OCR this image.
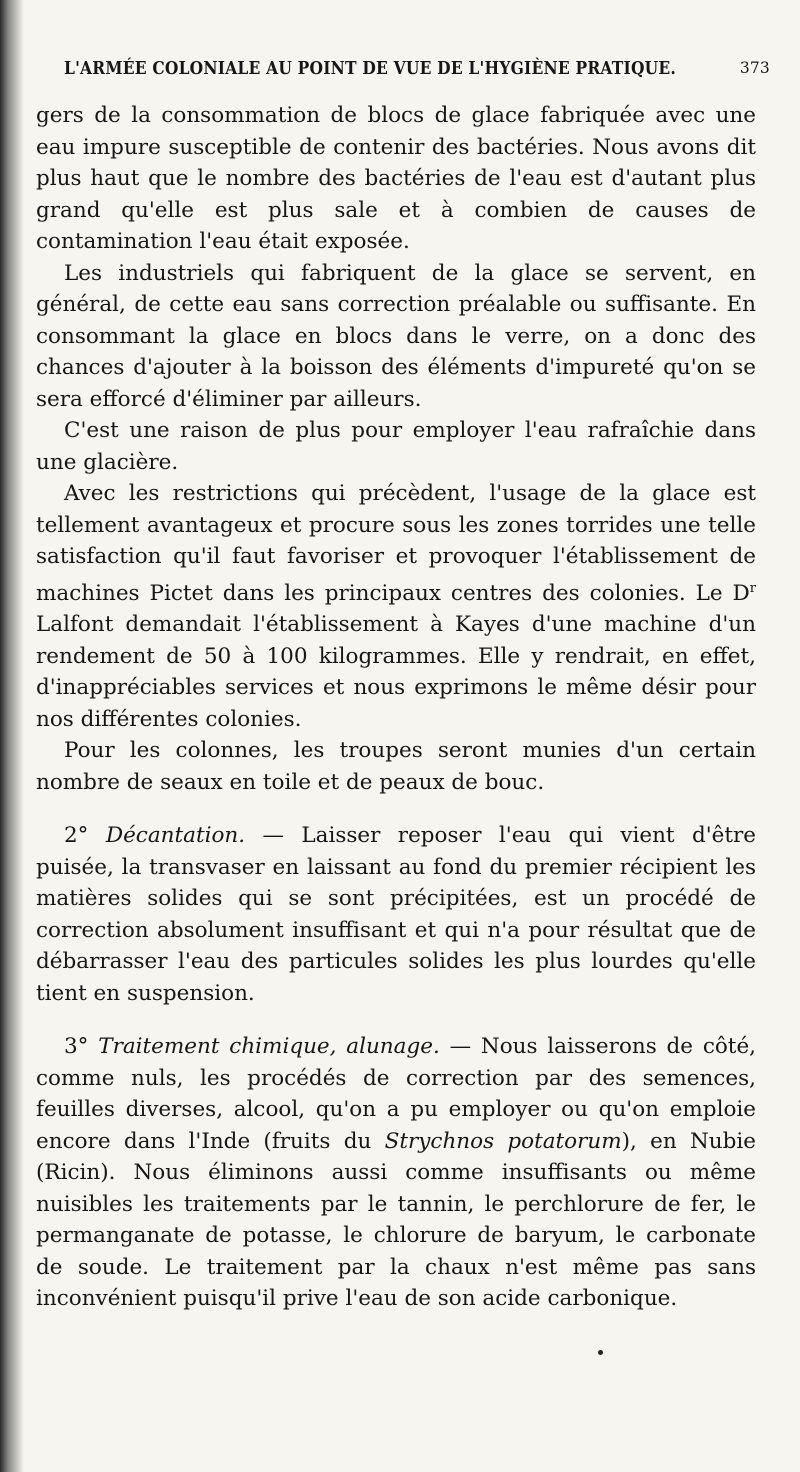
L'ARMÉE COLONIALE AU POINT DE VUE DE L'HYGIÈNE PRATIQUE.	373

gers de la consommation de blocs de glace fabriquée avec une eau impure susceptible de contenir des bactéries. Nous avons dit plus haut que le nombre des bactéries de l'eau est d'autant plus grand qu'elle est plus sale et à combien de causes de contamination l'eau était exposée.

Les industriels qui fabriquent de la glace se servent, en général, de cette eau sans correction préalable ou suffisante. En consommant la glace en blocs dans le verre, on a donc des chances d'ajouter à la boisson des éléments d'impureté qu'on se sera efforcé d'éliminer par ailleurs.

C'est une raison de plus pour employer l'eau rafraîchie dans une glacière.

Avec les restrictions qui précèdent, l'usage de la glace est tellement avantageux et procure sous les zones torrides une telle satisfaction qu'il faut favoriser et provoquer l'établissement de machines Pictet dans les principaux centres des colonies. Le $D^r$ Lalfont demandait l'établissement à Kayes d'une machine d'un rendement de 50 à 100 kilogrammes. Elle y rendrait, en effet, d'inappréciables services et nous exprimons le même désir pour nos différentes colonies.

Pour les colonnes, les troupes seront munies d'un certain nombre de seaux en toile et de peaux de bouc.

2° Décantation. — Laisser reposer l'eau qui vient d'être puisée, la transvaser en laissant au fond du premier récipient les matières solides qui se sont précipitées, est un procédé de correction absolument insuffisant et qui n'a pour résultat que de débarrasser l'eau des particules solides les plus lourdes qu'elle tient en suspension.

3° Traitement chimique, alunage. — Nous laisserons de côté, comme nuls, les procédés de correction par des semences, feuilles diverses, alcool, qu'on a pu employer ou qu'on emploie encore dans l'Inde (fruits du Strychnos potatorum), en Nubie (Ricin). Nous éliminons aussi comme insuffisants ou même nuisibles les traitements par le tannin, le perchlorure de fer, le permanganate de potasse, le chlorure de baryum, le carbonate de soude. Le traitement par la chaux n'est même pas sans inconvénient puisqu'il prive l'eau de son acide carbonique.
